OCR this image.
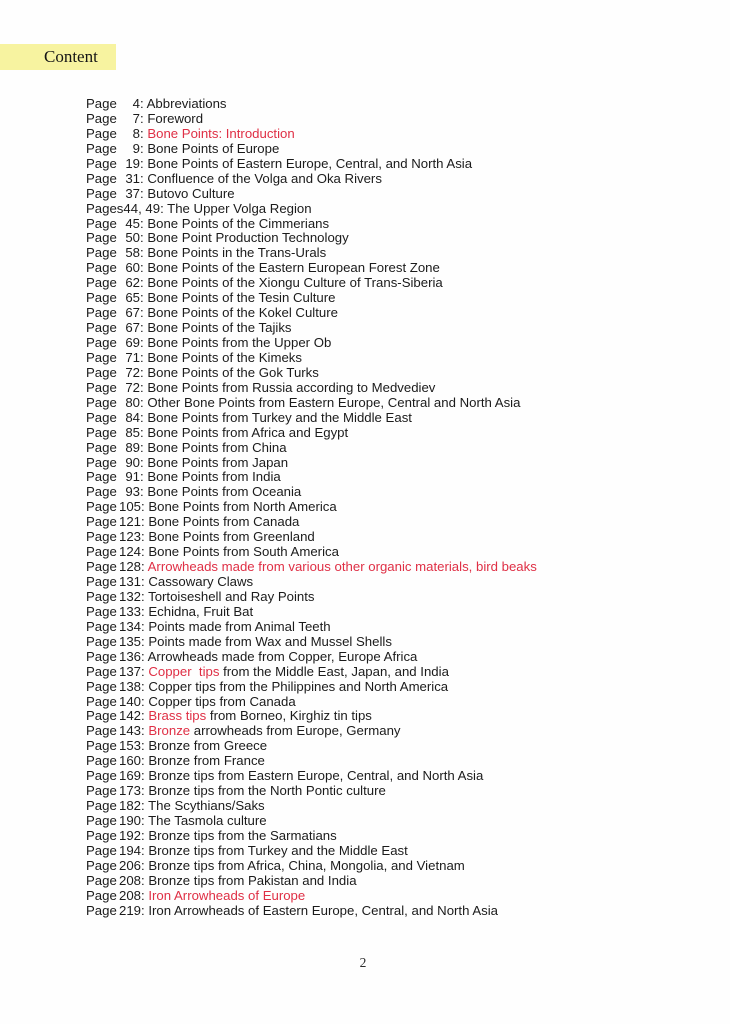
Content
Page 4: Abbreviations
Page 7: Foreword
Page 8: Bone Points: Introduction
Page 9: Bone Points of Europe
Page 19: Bone Points of Eastern Europe, Central, and North Asia
Page 31: Confluence of the Volga and Oka Rivers
Page 37: Butovo Culture
Pages44, 49: The Upper Volga Region
Page 45: Bone Points of the Cimmerians
Page 50: Bone Point Production Technology
Page 58: Bone Points in the Trans-Urals
Page 60: Bone Points of the Eastern European Forest Zone
Page 62: Bone Points of the Xiongu Culture of Trans-Siberia
Page 65: Bone Points of the Tesin Culture
Page 67: Bone Points of the Kokel Culture
Page 67: Bone Points of the Tajiks
Page 69: Bone Points from the Upper Ob
Page 71: Bone Points of the Kimeks
Page 72: Bone Points of the Gok Turks
Page 72: Bone Points from Russia according to Medvediev
Page 80: Other Bone Points from Eastern Europe, Central and North Asia
Page 84: Bone Points from Turkey and the Middle East
Page 85: Bone Points from Africa and Egypt
Page 89: Bone Points from China
Page 90: Bone Points from Japan
Page 91: Bone Points from India
Page 93: Bone Points from Oceania
Page 105: Bone Points from North America
Page 121: Bone Points from Canada
Page 123: Bone Points from Greenland
Page 124: Bone Points from South America
Page 128: Arrowheads made from various other organic materials, bird beaks
Page 131: Cassowary Claws
Page 132: Tortoiseshell and Ray Points
Page 133: Echidna, Fruit Bat
Page 134: Points made from Animal Teeth
Page 135: Points made from Wax and Mussel Shells
Page 136: Arrowheads made from Copper, Europe Africa
Page 137: Copper  tips from the Middle East, Japan, and India
Page 138: Copper tips from the Philippines and North America
Page 140: Copper tips from Canada
Page 142: Brass tips from Borneo, Kirghiz tin tips
Page 143: Bronze arrowheads from Europe, Germany
Page 153: Bronze from Greece
Page 160: Bronze from France
Page 169: Bronze tips from Eastern Europe, Central, and North Asia
Page 173: Bronze tips from the North Pontic culture
Page 182: The Scythians/Saks
Page 190: The Tasmola culture
Page 192: Bronze tips from the Sarmatians
Page 194: Bronze tips from Turkey and the Middle East
Page 206: Bronze tips from Africa, China, Mongolia, and Vietnam
Page 208: Bronze tips from Pakistan and India
Page 208: Iron Arrowheads of Europe
Page 219: Iron Arrowheads of Eastern Europe, Central, and North Asia
2
